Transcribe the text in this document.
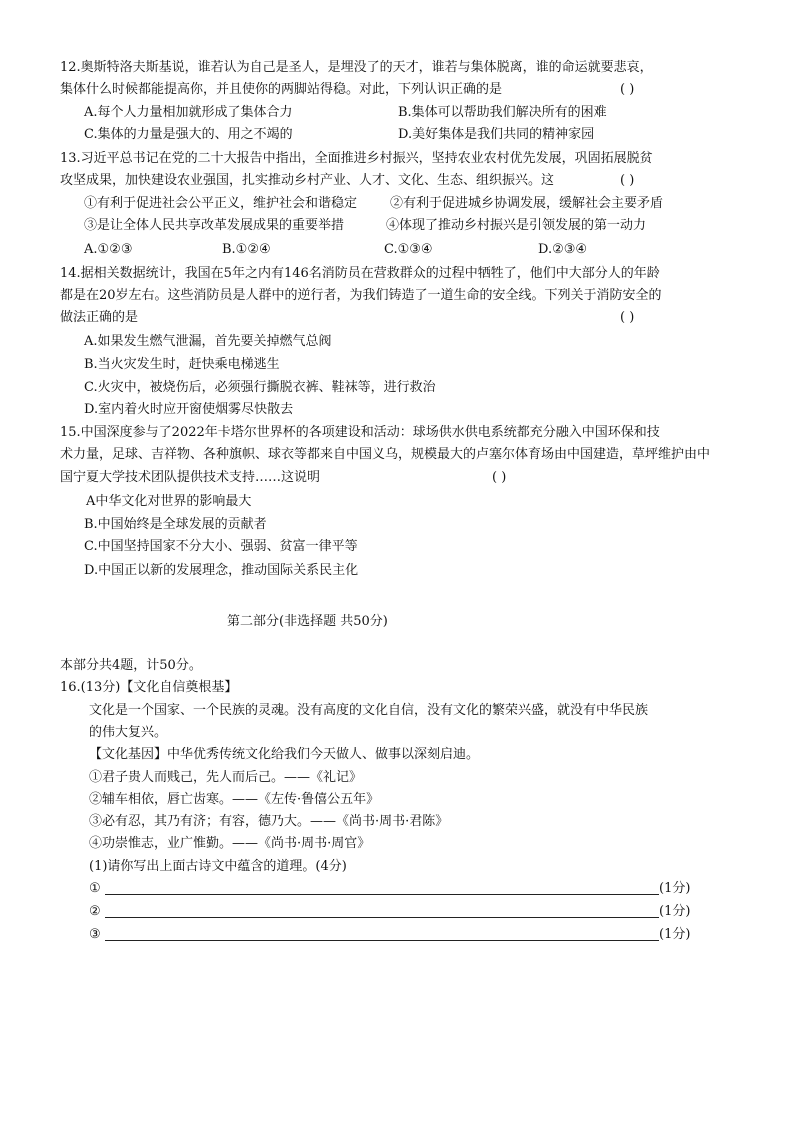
12.奥斯特洛夫斯基说，谁若认为自己是圣人，是埋没了的天才，谁若与集体脱离，谁的命运就要悲哀，
集体什么时候都能提高你，并且使你的两脚站得稳。对此，下列认识正确的是	( )
A.每个人力量相加就形成了集体合力	B.集体可以帮助我们解决所有的困难
C.集体的力量是强大的、用之不竭的	D.美好集体是我们共同的精神家园
13.习近平总书记在党的二十大报告中指出，全面推进乡村振兴，坚持农业农村优先发展，巩固拓展脱贫
攻坚成果，加快建设农业强国，扎实推动乡村产业、人才、文化、生态、组织振兴。这	( )
①有利于促进社会公平正义，维护社会和谐稳定	②有利于促进城乡协调发展，缓解社会主要矛盾
③是让全体人民共享改革发展成果的重要举措	④体现了推动乡村振兴是引领发展的第一动力
A.①②③	B.①②④	C.①③④	D.②③④
14.据相关数据统计，我国在5年之内有146名消防员在营救群众的过程中牺牲了，他们中大部分人的年龄
都是在20岁左右。这些消防员是人群中的逆行者，为我们铸造了一道生命的安全线。下列关于消防安全的
做法正确的是	( )
A.如果发生燃气泄漏，首先要关掉燃气总阀
B.当火灾发生时，赶快乘电梯逃生
C.火灾中，被烧伤后，必须强行撕脱衣裤、鞋袜等，进行救治
D.室内着火时应开窗使烟雾尽快散去
15.中国深度参与了2022年卡塔尔世界杯的各项建设和活动：球场供水供电系统都充分融入中国环保和技
术力量，足球、吉祥物、各种旗帜、球衣等都来自中国义乌，规模最大的卢塞尔体育场由中国建造，草坪维护由中
国宁夏大学技术团队提供技术支持……这说明	( )
A中华文化对世界的影响最大
B.中国始终是全球发展的贡献者
C.中国坚持国家不分大小、强弱、贫富一律平等
D.中国正以新的发展理念，推动国际关系民主化
第二部分(非选择题 共50分)
本部分共4题，计50分。
16.(13分)【文化自信奠根基】
文化是一个国家、一个民族的灵魂。没有高度的文化自信，没有文化的繁荣兴盛，就没有中华民族
的伟大复兴。
【文化基因】中华优秀传统文化给我们今天做人、做事以深刻启迪。
①君子贵人而贱己，先人而后己。——《礼记》
②辅车相依，唇亡齿寒。——《左传·鲁僖公五年》
③必有忍，其乃有济；有容，德乃大。——《尚书·周书·君陈》
④功崇惟志，业广惟勤。——《尚书·周书·周官》
(1)请你写出上面古诗文中蕴含的道理。(4分)
①	(1分)
②	(1分)
③	(1分)
